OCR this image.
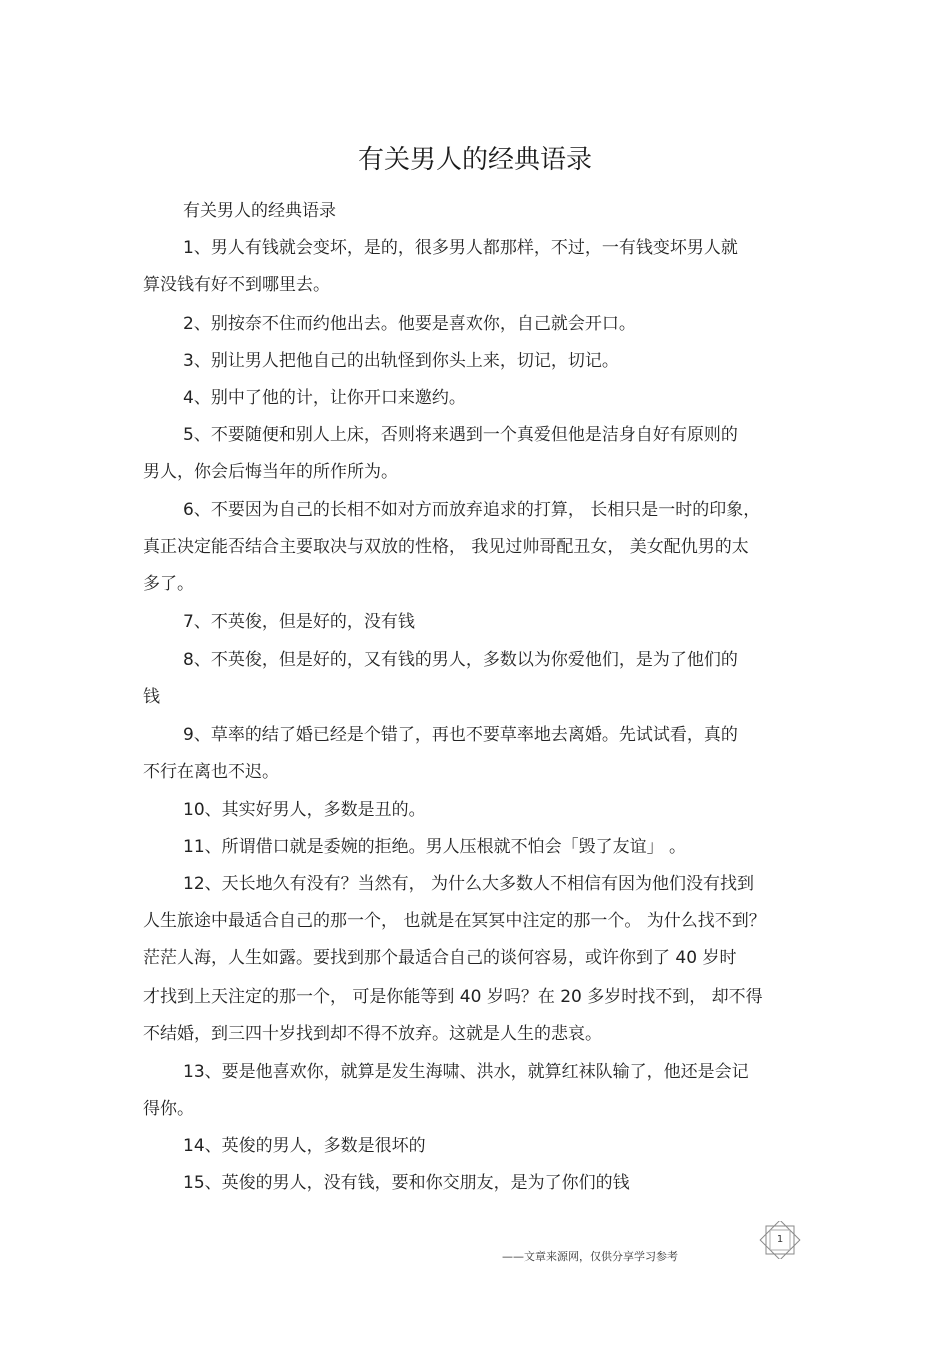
有关男人的经典语录
有关男人的经典语录
1、男人有钱就会变坏，是的，很多男人都那样，不过，一有钱变坏男人就
算没钱有好不到哪里去。
2、别按奈不住而约他出去。他要是喜欢你，自己就会开口。
3、别让男人把他自己的出轨怪到你头上来，切记，切记。
4、别中了他的计，让你开口来邀约。
5、不要随便和别人上床，否则将来遇到一个真爱但他是洁身自好有原则的
男人，你会后悔当年的所作所为。
6、不要因为自己的长相不如对方而放弃追求的打算， 长相只是一时的印象，
真正决定能否结合主要取决与双放的性格， 我见过帅哥配丑女， 美女配仇男的太
多了。
7、不英俊，但是好的，没有钱
8、不英俊，但是好的，又有钱的男人，多数以为你爱他们，是为了他们的
钱
9、草率的结了婚已经是个错了，再也不要草率地去离婚。先试试看，真的
不行在离也不迟。
10、其实好男人，多数是丑的。
11、所谓借口就是委婉的拒绝。男人压根就不怕会「毁了友谊」 。
12、天长地久有没有？当然有， 为什么大多数人不相信有因为他们没有找到
人生旅途中最适合自己的那一个， 也就是在冥冥中注定的那一个。 为什么找不到？
茫茫人海，人生如露。要找到那个最适合自己的谈何容易，或许你到了 40 岁时
才找到上天注定的那一个， 可是你能等到 40 岁吗？在 20 多岁时找不到， 却不得
不结婚，到三四十岁找到却不得不放弃。这就是人生的悲哀。
13、要是他喜欢你，就算是发生海啸、洪水，就算红袜队输了，他还是会记
得你。
14、英俊的男人，多数是很坏的
15、英俊的男人，没有钱，要和你交朋友，是为了你们的钱
——文章来源网，仅供分享学习参考
1
